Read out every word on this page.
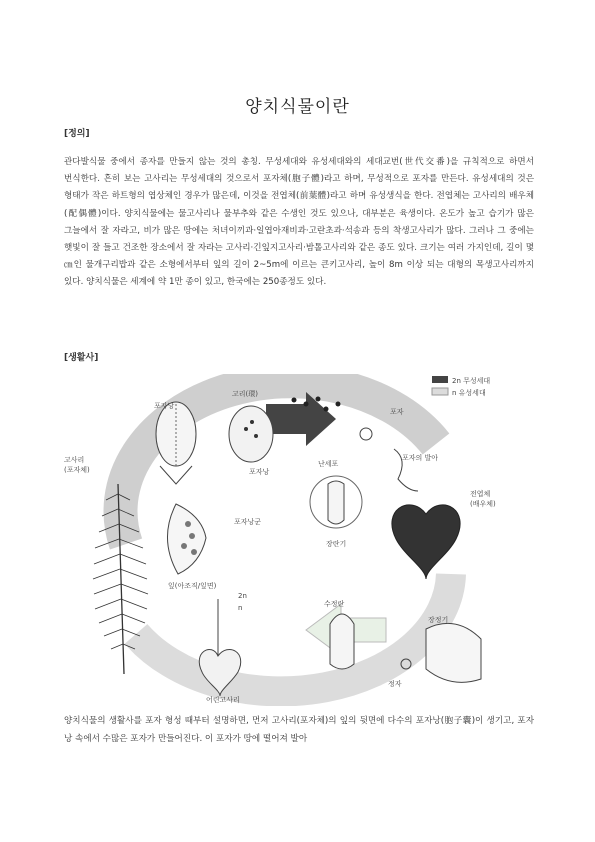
양치식물이란
[정의]
관다발식물 중에서 종자를 만들지 않는 것의 총칭. 무성세대와 유성세대와의 세대교번(世代交番)을 규칙적으로 하면서 번식한다. 흔히 보는 고사리는 무성세대의 것으로서 포자체(胞子體)라고 하며, 무성적으로 포자를 만든다. 유성세대의 것은 형태가 작은 하트형의 엽상체인 경우가 많은데, 이것을 전엽체(前葉體)라고 하며 유성생식을 한다. 전엽체는 고사리의 배우체(配偶體)이다. 양치식물에는 물고사리나 물부추와 같은 수생인 것도 있으나, 대부분은 육생이다. 온도가 높고 습기가 많은 그늘에서 잘 자라고, 비가 많은 땅에는 처녀이끼과·일엽아재비과·고란초과·석송과 등의 착생고사리가 많다. 그러나 그 중에는 햇빛이 잘 들고 건조한 장소에서 잘 자라는 고사리·긴잎지고사리·밤톨고사리와 같은 종도 있다. 크기는 여러 가지인데, 길이 몇 ㎝인 물개구리밥과 같은 소형에서부터 잎의 길이 2~5m에 이르는 큰키고사리, 높이 8m 이상 되는 대형의 목생고사리까지 있다. 양치식물은 세계에 약 1만 종이 있고, 한국에는 250종정도 있다.
[생활사]
2n 무성세대
n 유성세대
포자낭
고리(環)
고사리
(포자체)	포자낭
포자
포자의 발아
난세포
포자낭군
전엽체
(배우체)
잎(아조직/잎면)
장란기
수정란
2n
n
어린고사리
장정기
정자
양치식물의 생활사를 포자 형성 때부터 설명하면, 먼저 고사리(포자체)의 잎의 뒷면에 다수의 포자낭(胞子囊)이 생기고, 포자낭 속에서 수많은 포자가 만들어진다. 이 포자가 땅에 떨어져 발아
